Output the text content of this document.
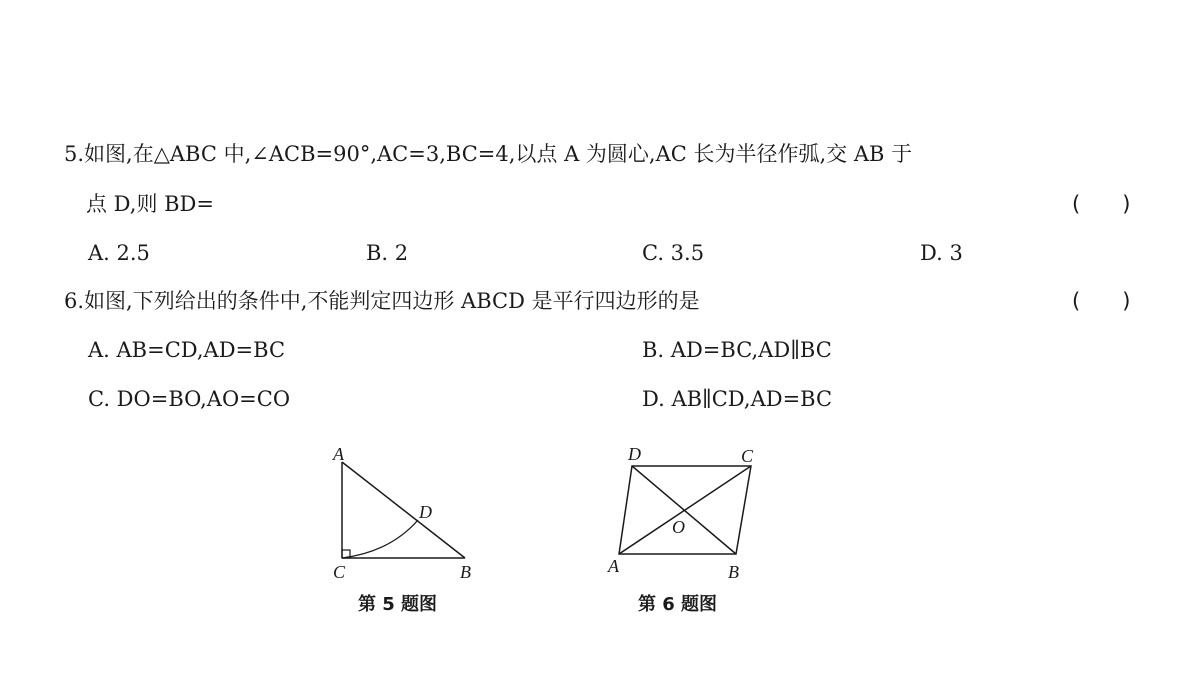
5.如图,在△ABC 中,∠ACB=90°,AC=3,BC=4,以点 A 为圆心,AC 长为半径作弧,交 AB 于
点 D,则 BD=	(　　)
A. 2.5	B. 2	C. 3.5	D. 3
6.如图,下列给出的条件中,不能判定四边形 ABCD 是平行四边形的是	(　　)
A. AB=CD,AD=BC	B. AD=BC,AD∥BC
C. DO=BO,AO=CO	D. AB∥CD,AD=BC
A
D
C	B
第 5 题图
D	C
O
A	B
第 6 题图
